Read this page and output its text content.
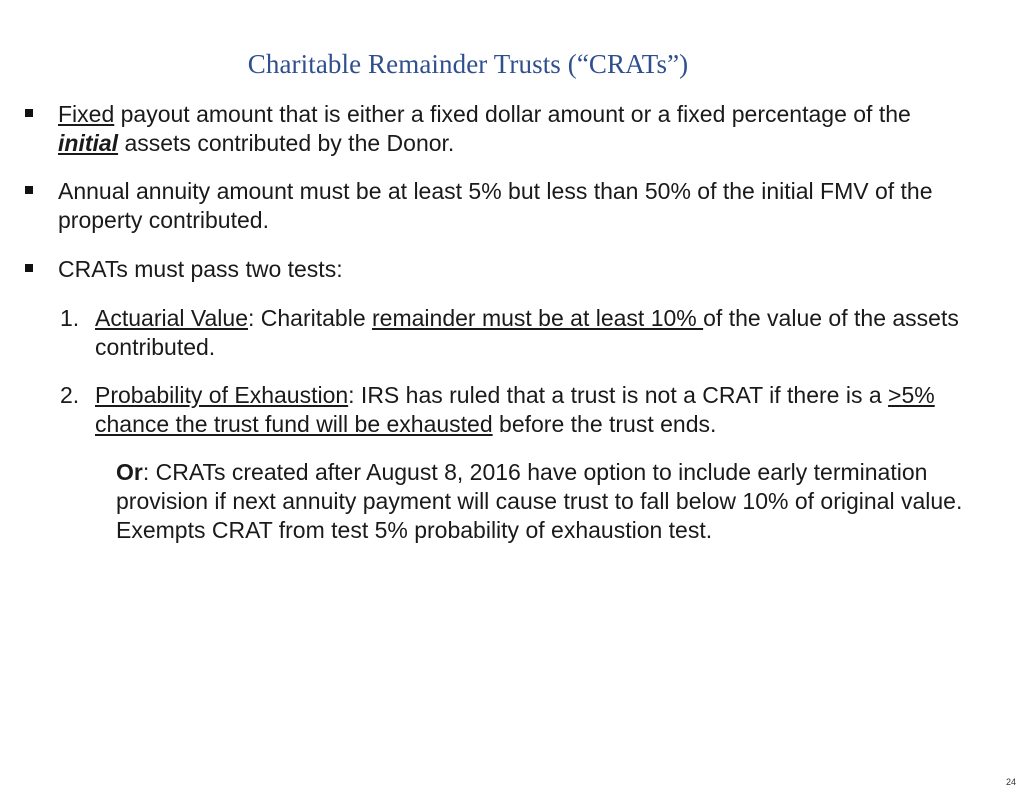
Charitable Remainder Trusts (“CRATs”)
Fixed payout amount that is either a fixed dollar amount or a fixed percentage of the initial assets contributed by the Donor.
Annual annuity amount must be at least 5% but less than 50% of the initial FMV of the property contributed.
CRATs must pass two tests:
1. Actuarial Value: Charitable remainder must be at least 10% of the value of the assets contributed.
2. Probability of Exhaustion: IRS has ruled that a trust is not a CRAT if there is a >5% chance the trust fund will be exhausted before the trust ends.
Or: CRATs created after August 8, 2016 have option to include early termination provision if next annuity payment will cause trust to fall below 10% of original value. Exempts CRAT from test 5% probability of exhaustion test.
24
